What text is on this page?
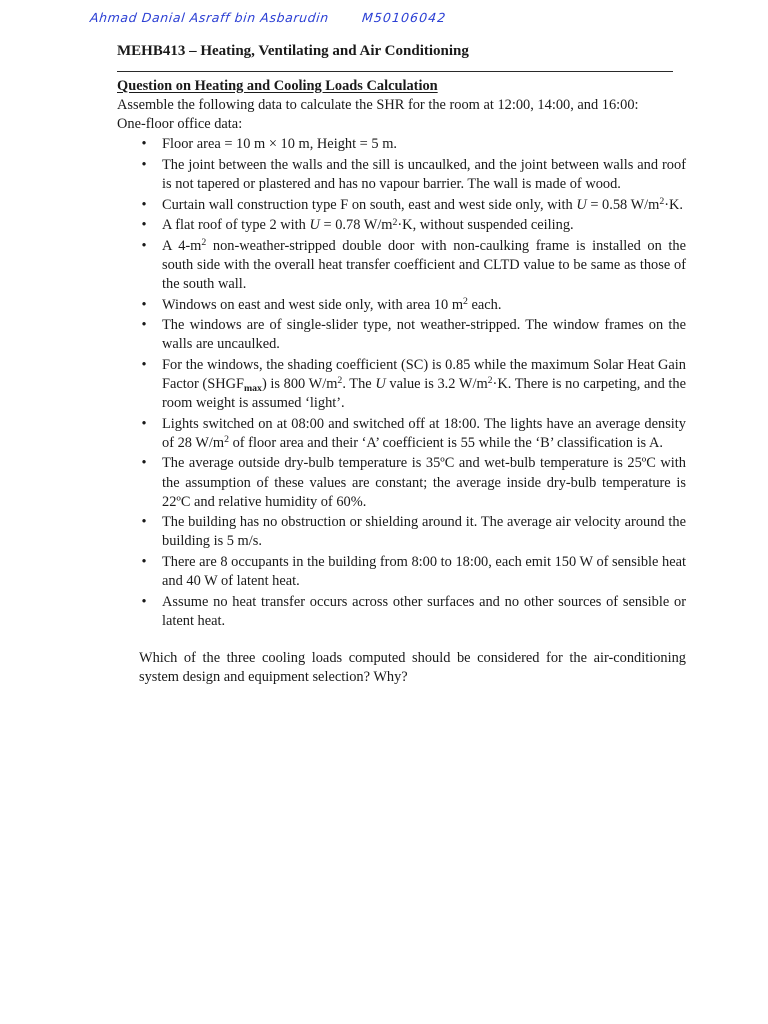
Ahmad Danial Asraff bin Asbarudin	M50106042
MEHB413 – Heating, Ventilating and Air Conditioning

Question on Heating and Cooling Loads Calculation

Assemble the following data to calculate the SHR for the room at 12:00, 14:00, and 16:00:

One-floor office data:

•
Floor area = 10 m × 10 m, Height = 5 m.
•
The joint between the walls and the sill is uncaulked, and the joint between walls and roof is not tapered or plastered and has no vapour barrier. The wall is made of wood.
•
Curtain wall construction type F on south, east and west side only, with U = 0.58 $W/m^2\cdot K$.
•
A flat roof of type 2 with U = 0.78 $W/m^2\cdot K$, without suspended ceiling.
•
A $4-m^2$ non-weather-stripped double door with non-caulking frame is installed on the south side with the overall heat transfer coefficient and CLTD value to be same as those of the south wall.
•
Windows on east and west side only, with area 10 $m^2$ each.
•
The windows are of single-slider type, not weather-stripped. The window frames on the walls are uncaulked.
•
For the windows, the shading coefficient (SC) is 0.85 while the maximum Solar Heat Gain Factor $(SHGF_{max})$ is 800 $W/m^2$. The U value is 3.2 $W/m^2\cdot K$. There is no carpeting, and the room weight is assumed ‘light’.
•
Lights switched on at 08:00 and switched off at 18:00. The lights have an average density of 28 $W/m^2$ of floor area and their ‘A’ coefficient is 55 while the ‘B’ classification is A.
•
The average outside dry-bulb temperature is 35ºC and wet-bulb temperature is 25ºC with the assumption of these values are constant; the average inside dry-bulb temperature is 22ºC and relative humidity of 60%.
•
The building has no obstruction or shielding around it. The average air velocity around the building is 5 m/s.
•
There are 8 occupants in the building from 8:00 to 18:00, each emit 150 W of sensible heat and 40 W of latent heat.
•
Assume no heat transfer occurs across other surfaces and no other sources of sensible or latent heat.

Which of the three cooling loads computed should be considered for the air-conditioning system design and equipment selection? Why?
